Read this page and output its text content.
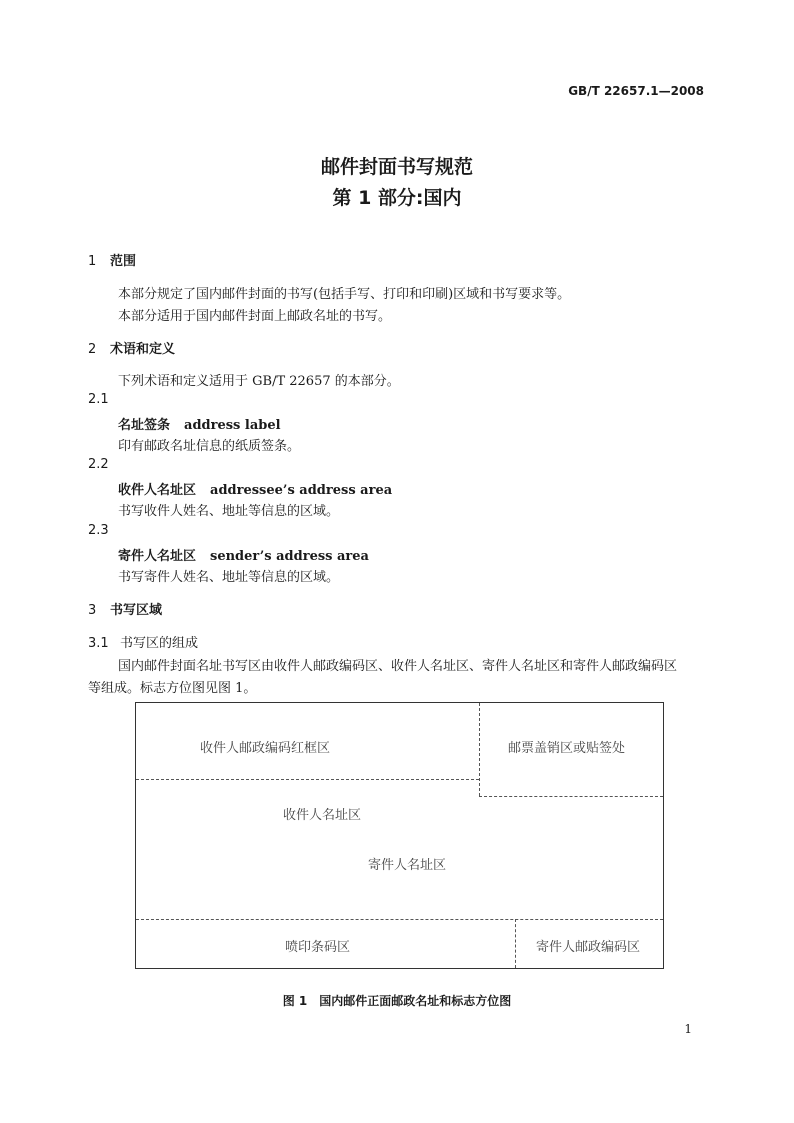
GB/T 22657.1—2008
邮件封面书写规范
第 1 部分:国内
1 范围
本部分规定了国内邮件封面的书写(包括手写、打印和印刷)区域和书写要求等。
本部分适用于国内邮件封面上邮政名址的书写。
2 术语和定义
下列术语和定义适用于 GB/T 22657 的本部分。
2.1
名址签条 address label
印有邮政名址信息的纸质签条。
2.2
收件人名址区 addressee’s address area
书写收件人姓名、地址等信息的区域。
2.3
寄件人名址区 sender’s address area
书写寄件人姓名、地址等信息的区域。
3 书写区域
3.1 书写区的组成
国内邮件封面名址书写区由收件人邮政编码区、收件人名址区、寄件人名址区和寄件人邮政编码区
等组成。标志方位图见图 1。
收件人邮政编码红框区	邮票盖销区或贴签处
收件人名址区
寄件人名址区
喷印条码区	寄件人邮政编码区
图 1　国内邮件正面邮政名址和标志方位图
1
